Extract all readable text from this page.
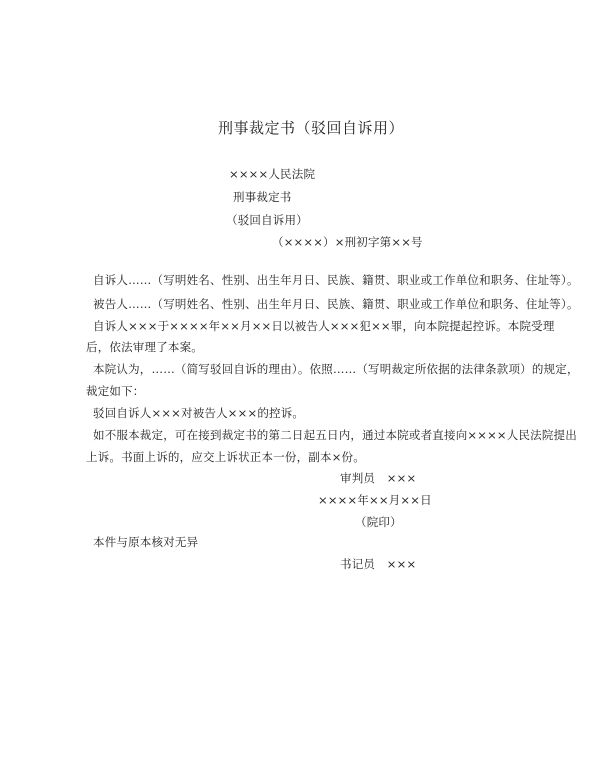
刑事裁定书（驳回自诉用）
××××人民法院
刑事裁定书
（驳回自诉用）
（××××）×刑初字第××号
自诉人……（写明姓名、性别、出生年月日、民族、籍贯、职业或工作单位和职务、住址等）。
被告人……（写明姓名、性别、出生年月日、民族、籍贯、职业或工作单位和职务、住址等）。
自诉人×××于××××年××月××日以被告人×××犯××罪，向本院提起控诉。本院受理
后，依法审理了本案。
本院认为，……（简写驳回自诉的理由）。依照……（写明裁定所依据的法律条款项）的规定，
裁定如下：
驳回自诉人×××对被告人×××的控诉。
如不服本裁定，可在接到裁定书的第二日起五日内，通过本院或者直接向××××人民法院提出
上诉。书面上诉的，应交上诉状正本一份，副本×份。
审判员　×××
××××年××月××日
（院印）
本件与原本核对无异
书记员　×××
